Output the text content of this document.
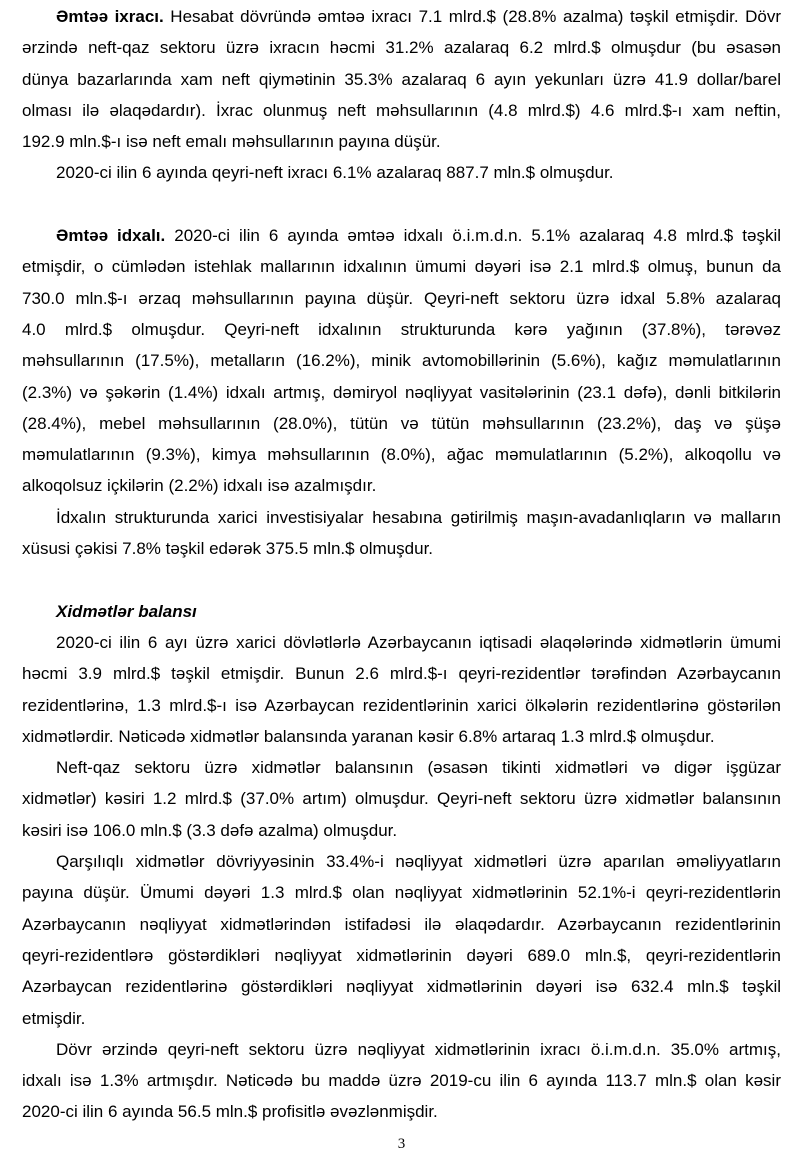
Əmtəə ixracı. Hesabat dövründə əmtəə ixracı 7.1 mlrd.$ (28.8% azalma) təşkil etmişdir. Dövr
ərzində neft-qaz sektoru üzrə ixracın həcmi 31.2% azalaraq 6.2 mlrd.$ olmuşdur (bu əsasən
dünya bazarlarında xam neft qiymətinin 35.3% azalaraq 6 ayın yekunları üzrə 41.9 dollar/barel
olması ilə əlaqədardır). İxrac olunmuş neft məhsullarının (4.8 mlrd.$) 4.6 mlrd.$-ı xam neftin,
192.9 mln.$-ı isə neft emalı məhsullarının payına düşür.
2020-ci ilin 6 ayında qeyri-neft ixracı 6.1% azalaraq 887.7 mln.$ olmuşdur.
Əmtəə idxalı. 2020-ci ilin 6 ayında əmtəə idxalı ö.i.m.d.n. 5.1% azalaraq 4.8 mlrd.$ təşkil
etmişdir, o cümlədən istehlak mallarının idxalının ümumi dəyəri isə 2.1 mlrd.$ olmuş, bunun da
730.0 mln.$-ı ərzaq məhsullarının payına düşür. Qeyri-neft sektoru üzrə idxal 5.8% azalaraq
4.0 mlrd.$ olmuşdur. Qeyri-neft idxalının strukturunda kərə yağının (37.8%), tərəvəz
məhsullarının (17.5%), metalların (16.2%), minik avtomobillərinin (5.6%), kağız məmulatlarının
(2.3%) və şəkərin (1.4%) idxalı artmış, dəmiryol nəqliyyat vasitələrinin (23.1 dəfə), dənli bitkilərin
(28.4%), mebel məhsullarının (28.0%), tütün və tütün məhsullarının (23.2%), daş və şüşə
məmulatlarının (9.3%), kimya məhsullarının (8.0%), ağac məmulatlarının (5.2%), alkoqollu və
alkoqolsuz içkilərin (2.2%) idxalı isə azalmışdır.
İdxalın strukturunda xarici investisiyalar hesabına gətirilmiş maşın-avadanlıqların və malların
xüsusi çəkisi 7.8% təşkil edərək 375.5 mln.$ olmuşdur.
Xidmətlər balansı
2020-ci ilin 6 ayı üzrə xarici dövlətlərlə Azərbaycanın iqtisadi əlaqələrində xidmətlərin ümumi
həcmi 3.9 mlrd.$ təşkil etmişdir. Bunun 2.6 mlrd.$-ı qeyri-rezidentlər tərəfindən Azərbaycanın
rezidentlərinə, 1.3 mlrd.$-ı isə Azərbaycan rezidentlərinin xarici ölkələrin rezidentlərinə göstərilən
xidmətlərdir. Nəticədə xidmətlər balansında yaranan kəsir 6.8% artaraq 1.3 mlrd.$ olmuşdur.
Neft-qaz sektoru üzrə xidmətlər balansının (əsasən tikinti xidmətləri və digər işgüzar
xidmətlər) kəsiri 1.2 mlrd.$ (37.0% artım) olmuşdur. Qeyri-neft sektoru üzrə xidmətlər balansının
kəsiri isə 106.0 mln.$ (3.3 dəfə azalma) olmuşdur.
Qarşılıqlı xidmətlər dövriyyəsinin 33.4%-i nəqliyyat xidmətləri üzrə aparılan əməliyyatların
payına düşür. Ümumi dəyəri 1.3 mlrd.$ olan nəqliyyat xidmətlərinin 52.1%-i qeyri-rezidentlərin
Azərbaycanın nəqliyyat xidmətlərindən istifadəsi ilə əlaqədardır. Azərbaycanın rezidentlərinin
qeyri-rezidentlərə göstərdikləri nəqliyyat xidmətlərinin dəyəri 689.0 mln.$, qeyri-rezidentlərin
Azərbaycan rezidentlərinə göstərdikləri nəqliyyat xidmətlərinin dəyəri isə 632.4 mln.$ təşkil
etmişdir.
Dövr ərzində qeyri-neft sektoru üzrə nəqliyyat xidmətlərinin ixracı ö.i.m.d.n. 35.0% artmış,
idxalı isə 1.3% artmışdır. Nəticədə bu maddə üzrə 2019-cu ilin 6 ayında 113.7 mln.$ olan kəsir
2020-ci ilin 6 ayında 56.5 mln.$ profisitlə əvəzlənmişdir.
3
